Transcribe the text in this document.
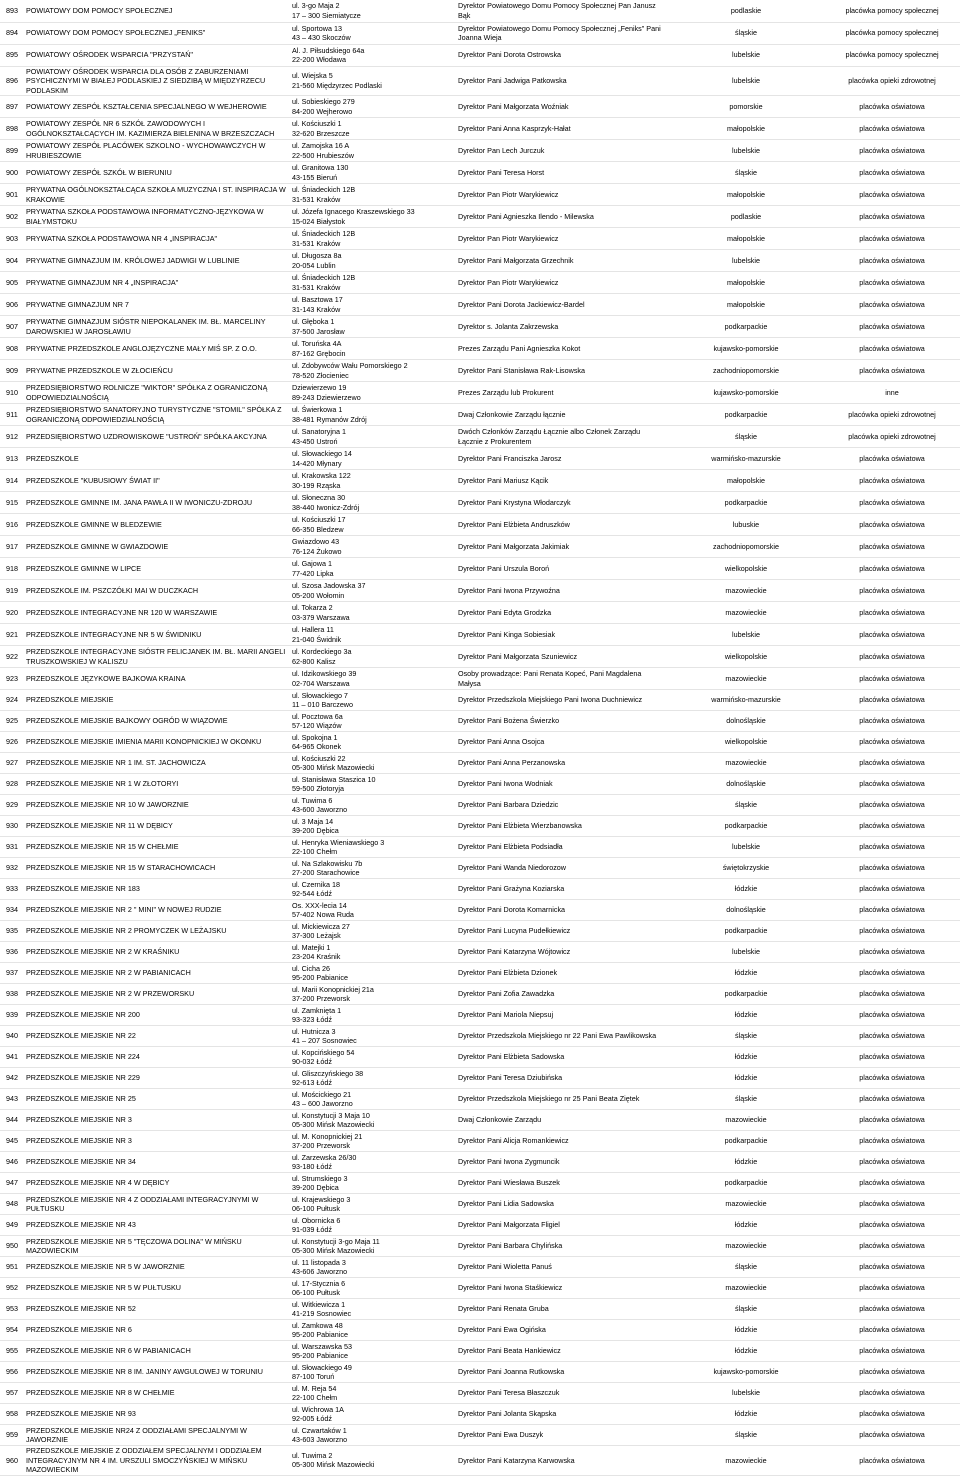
893	POWIATOWY DOM POMOCY SPOŁECZNEJ	ul. 3-go Maja 2
17 – 300 Siemiatycze	Dyrektor Powiatowego Domu Pomocy Społecznej Pan Janusz Bąk	podlaskie	placówka pomocy społecznej
894	POWIATOWY DOM POMOCY SPOŁECZNEJ „FENIKS"	ul. Sportowa 13
43 – 430 Skoczów	Dyrektor Powiatowego Domu Pomocy Społecznej „Feniks" Pani Joanna Wieja	śląskie	placówka pomocy społecznej
895	POWIATOWY OŚRODEK WSPARCIA "PRZYSTAŃ"	Al. J. Piłsudskiego 64a
22-200 Włodawa	Dyrektor Pani Dorota Ostrowska	lubelskie	placówka pomocy społecznej
896	POWIATOWY OŚRODEK WSPARCIA DLA OSÓB Z ZABURZENIAMI PSYCHICZNYMI W BIAŁEJ PODLASKIEJ Z SIEDZIBĄ W MIĘDZYRZECU PODLASKIM	ul. Wiejska 5
21-560 Międzyrzec Podlaski	Dyrektor Pani Jadwiga Patkowska	lubelskie	placówka opieki zdrowotnej
897	POWIATOWY ZESPÓŁ KSZTAŁCENIA SPECJALNEGO W WEJHEROWIE	ul. Sobieskiego 279
84-200 Wejherowo	Dyrektor Pani Małgorzata Woźniak	pomorskie	placówka oświatowa
898	POWIATOWY ZESPÓŁ NR 6 SZKÓŁ ZAWODOWYCH I OGÓLNOKSZTAŁCĄCYCH IM. KAZIMIERZA BIELENINA W BRZESZCZACH	ul. Kościuszki 1
32-620 Brzeszcze	Dyrektor Pani Anna Kasprzyk-Hałat	małopolskie	placówka oświatowa
899	POWIATOWY ZESPÓŁ PLACÓWEK SZKOLNO - WYCHOWAWCZYCH W HRUBIESZOWIE	ul. Zamojska 16 A
22-500 Hrubieszów	Dyrektor Pan Lech Jurczuk	lubelskie	placówka oświatowa
900	POWIATOWY ZESPÓŁ SZKÓŁ W BIERUNIU	ul. Granitowa 130
43-155 Bieruń	Dyrektor Pani Teresa Horst	śląskie	placówka oświatowa
901	PRYWATNA OGÓLNOKSZTAŁCĄCA SZKOŁA MUZYCZNA I ST. INSPIRACJA W KRAKOWIE	ul. Śniadeckich 12B
31-531 Kraków	Dyrektor Pan Piotr Warykiewicz	małopolskie	placówka oświatowa
902	PRYWATNA SZKOŁA PODSTAWOWA INFORMATYCZNO-JĘZYKOWA W BIAŁYMSTOKU	ul. Józefa Ignacego Kraszewskiego 33
15-024 Białystok	Dyrektor Pani Agnieszka Ilendo - Milewska	podlaskie	placówka oświatowa
903	PRYWATNA SZKOŁA PODSTAWOWA NR 4 „INSPIRACJA"	ul. Śniadeckich 12B
31-531 Kraków	Dyrektor Pan Piotr Warykiewicz	małopolskie	placówka oświatowa
904	PRYWATNE GIMNAZJUM IM. KRÓLOWEJ JADWIGI W LUBLINIE	ul. Długosza 8a
20-054 Lublin	Dyrektor Pani Małgorzata Grzechnik	lubelskie	placówka oświatowa
905	PRYWATNE GIMNAZJUM NR 4 „INSPIRACJA"	ul. Śniadeckich 12B
31-531 Kraków	Dyrektor Pan Piotr Warykiewicz	małopolskie	placówka oświatowa
906	PRYWATNE GIMNAZJUM NR 7	ul. Basztowa 17
31-143 Kraków	Dyrektor Pani Dorota Jackiewicz-Bardel	małopolskie	placówka oświatowa
907	PRYWATNE GIMNAZJUM SIÓSTR NIEPOKALANEK IM. BŁ. MARCELINY DAROWSKIEJ W JAROSŁAWIU	ul. Głęboka 1
37-500 Jarosław	Dyrektor s. Jolanta Zakrzewska	podkarpackie	placówka oświatowa
908	PRYWATNE PRZEDSZKOLE ANGLOJĘZYCZNE MAŁY MIŚ SP. Z O.O.	ul. Toruńska 4A
87-162 Grębocin	Prezes Zarządu Pani Agnieszka Kokot	kujawsko-pomorskie	placówka oświatowa
909	PRYWATNE PRZEDSZKOLE W ZŁOCIEŃCU	ul. Zdobywców Wału Pomorskiego 2
78-520 Złocieniec	Dyrektor Pani Stanisława Rak-Lisowska	zachodniopomorskie	placówka oświatowa
910	PRZEDSIĘBIORSTWO ROLNICZE "WIKTOR" SPÓŁKA Z OGRANICZONĄ ODPOWIEDZIALNOŚCIĄ	Dziewierzewo 19
89-243 Dziewierzewo	Prezes Zarządu lub Prokurent	kujawsko-pomorskie	inne
911	PRZEDSIĘBIORSTWO SANATORYJNO TURYSTYCZNE "STOMIL" SPÓŁKA Z OGRANICZONĄ ODPOWIEDZIALNOŚCIĄ	ul. Świerkowa 1
38-481 Rymanów Zdrój	Dwaj Członkowie Zarządu łącznie	podkarpackie	placówka opieki zdrowotnej
912	PRZEDSIĘBIORSTWO UZDROWISKOWE "USTROŃ" SPÓŁKA AKCYJNA	ul. Sanatoryjna 1
43-450 Ustroń	Dwóch Członków Zarządu Łącznie albo Członek Zarządu Łącznie z Prokurentem	śląskie	placówka opieki zdrowotnej
913	PRZEDSZKOLE	ul. Słowackiego 14
14-420 Młynary	Dyrektor Pani Franciszka Jarosz	warmińsko-mazurskie	placówka oświatowa
914	PRZEDSZKOLE "KUBUSIOWY ŚWIAT II"	ul. Krakowska 122
30-199 Rząska	Dyrektor Pani Mariusz Kącik	małopolskie	placówka oświatowa
915	PRZEDSZKOLE GMINNE IM. JANA PAWŁA II W IWONICZU-ZDROJU	ul. Słoneczna 30
38-440 Iwonicz-Zdrój	Dyrektor Pani Krystyna Włodarczyk	podkarpackie	placówka oświatowa
916	PRZEDSZKOLE GMINNE W BLEDZEWIE	ul. Kościuszki 17
66-350 Bledzew	Dyrektor Pani Elżbieta Andruszków	lubuskie	placówka oświatowa
917	PRZEDSZKOLE GMINNE W GWIAZDOWIE	Gwiazdowo 43
76-124 Żukowo	Dyrektor Pani Małgorzata Jakimiak	zachodniopomorskie	placówka oświatowa
918	PRZEDSZKOLE GMINNE W LIPCE	ul. Gajowa 1
77-420 Lipka	Dyrektor Pani Urszula Boroń	wielkopolskie	placówka oświatowa
919	PRZEDSZKOLE IM. PSZCZÓŁKI MAI W DUCZKACH	ul. Szosa Jadowska 37
05-200 Wołomin	Dyrektor Pani Iwona Przywoźna	mazowieckie	placówka oświatowa
920	PRZEDSZKOLE INTEGRACYJNE NR 120 W WARSZAWIE	ul. Tokarza 2
03-379 Warszawa	Dyrektor Pani Edyta Grodzka	mazowieckie	placówka oświatowa
921	PRZEDSZKOLE INTEGRACYJNE NR 5 W ŚWIDNIKU	ul. Hallera 11
21-040 Świdnik	Dyrektor Pani Kinga Sobiesiak	lubelskie	placówka oświatowa
922	PRZEDSZKOLE INTEGRACYJNE SIÓSTR FELICJANEK IM. BŁ. MARII ANGELI TRUSZKOWSKIEJ W KALISZU	ul. Kordeckiego 3a
62-800 Kalisz	Dyrektor Pani Małgorzata Szuniewicz	wielkopolskie	placówka oświatowa
923	PRZEDSZKOLE JĘZYKOWE BAJKOWA KRAINA	ul. Idzikowskiego 39
02-704 Warszawa	Osoby prowadzące: Pani Renata Kopeć, Pani Magdalena Małysa	mazowieckie	placówka oświatowa
924	PRZEDSZKOLE MIEJSKIE	ul. Słowackiego 7
11 – 010 Barczewo	Dyrektor Przedszkola Miejskiego Pani Iwona Duchniewicz	warmińsko-mazurskie	placówka oświatowa
925	PRZEDSZKOLE MIEJSKIE BAJKOWY OGRÓD W WIĄZOWIE	ul. Pocztowa 6a
57-120 Wiązów	Dyrektor Pani Bożena Świerzko	dolnośląskie	placówka oświatowa
926	PRZEDSZKOLE MIEJSKIE IMIENIA MARII KONOPNICKIEJ W OKONKU	ul. Spokojna 1
64-965 Okonek	Dyrektor Pani Anna Osojca	wielkopolskie	placówka oświatowa
927	PRZEDSZKOLE MIEJSKIE NR 1 IM. ST. JACHOWICZA	ul. Kościuszki 22
05-300 Mińsk Mazowiecki	Dyrektor Pani Anna Perzanowska	mazowieckie	placówka oświatowa
928	PRZEDSZKOLE MIEJSKIE NR 1 W ZŁOTORYI	ul. Stanisława Staszica 10
59-500 Złotoryja	Dyrektor Pani Iwona Wodniak	dolnośląskie	placówka oświatowa
929	PRZEDSZKOLE MIEJSKIE NR 10 W JAWORZNIE	ul. Tuwima 6
43-600 Jaworzno	Dyrektor Pani Barbara Dziedzic	śląskie	placówka oświatowa
930	PRZEDSZKOLE MIEJSKIE NR 11 W DĘBICY	ul. 3 Maja 14
39-200 Dębica	Dyrektor Pani Elżbieta Wierzbanowska	podkarpackie	placówka oświatowa
931	PRZEDSZKOLE MIEJSKIE NR 15 W CHEŁMIE	ul. Henryka Wieniawskiego 3
22-100 Chełm	Dyrektor Pani Elżbieta Podsiadła	lubelskie	placówka oświatowa
932	PRZEDSZKOLE MIEJSKIE NR 15 W STARACHOWICACH	ul. Na Szlakowisku 7b
27-200 Starachowice	Dyrektor Pani Wanda Niedorozow	świętokrzyskie	placówka oświatowa
933	PRZEDSZKOLE MIEJSKIE NR 183	ul. Czernika 18
92-544 Łódź	Dyrektor Pani Grażyna Koziarska	łódzkie	placówka oświatowa
934	PRZEDSZKOLE MIEJSKIE NR 2 " MINI" W NOWEJ RUDZIE	Os. XXX-lecia 14
57-402 Nowa Ruda	Dyrektor Pani Dorota Komarnicka	dolnośląskie	placówka oświatowa
935	PRZEDSZKOLE MIEJSKIE NR 2 PROMYCZEK W LEŻAJSKU	ul. Mickiewicza 27
37-300 Leżajsk	Dyrektor Pani Lucyna Pudełkiewicz	podkarpackie	placówka oświatowa
936	PRZEDSZKOLE MIEJSKIE NR 2 W KRAŚNIKU	ul. Matejki 1
23-204 Kraśnik	Dyrektor Pani Katarzyna Wójtowicz	lubelskie	placówka oświatowa
937	PRZEDSZKOLE MIEJSKIE NR 2 W PABIANICACH	ul. Cicha 26
95-200 Pabianice	Dyrektor Pani Elżbieta Dzionek	łódzkie	placówka oświatowa
938	PRZEDSZKOLE MIEJSKIE NR 2 W PRZEWORSKU	ul. Marii Konopnickiej 21a
37-200 Przeworsk	Dyrektor Pani Zofia Zawadzka	podkarpackie	placówka oświatowa
939	PRZEDSZKOLE MIEJSKIE NR 200	ul. Zamknięta 1
93-323 Łódź	Dyrektor Pani Mariola Niepsuj	łódzkie	placówka oświatowa
940	PRZEDSZKOLE MIEJSKIE NR 22	ul. Hutnicza 3
41 – 207 Sosnowiec	Dyrektor Przedszkola Miejskiego nr 22 Pani Ewa Pawlikowska	śląskie	placówka oświatowa
941	PRZEDSZKOLE MIEJSKIE NR 224	ul. Kopcińskiego 54
90-032 Łódź	Dyrektor Pani Elżbieta Sadowska	łódzkie	placówka oświatowa
942	PRZEDSZKOLE MIEJSKIE NR 229	ul. Gliszczyńskiego 38
92-613 Łódź	Dyrektor Pani Teresa Dziubińska	łódzkie	placówka oświatowa
943	PRZEDSZKOLE MIEJSKIE NR 25	ul. Mościckiego 21
43 – 600 Jaworzno	Dyrektor Przedszkola Miejskiego nr 25 Pani Beata Ziętek	śląskie	placówka oświatowa
944	PRZEDSZKOLE MIEJSKIE NR 3	ul. Konstytucji 3 Maja 10
05-300 Mińsk Mazowiecki	Dwaj Członkowie Zarządu	mazowieckie	placówka oświatowa
945	PRZEDSZKOLE MIEJSKIE NR 3	ul. M. Konopnickiej 21
37-200 Przeworsk	Dyrektor Pani Alicja Romankiewicz	podkarpackie	placówka oświatowa
946	PRZEDSZKOLE MIEJSKIE NR 34	ul. Zarzewska 26/30
93-180 Łódź	Dyrektor Pani Iwona Zygmuncik	łódzkie	placówka oświatowa
947	PRZEDSZKOLE MIEJSKIE NR 4 W DĘBICY	ul. Strumskiego 3
39-200 Dębica	Dyrektor Pani Wiesława Buszek	podkarpackie	placówka oświatowa
948	PRZEDSZKOLE MIEJSKIE NR 4 Z ODDZIAŁAMI INTEGRACYJNYMI W PUŁTUSKU	ul. Krajewskiego 3
06-100 Pułtusk	Dyrektor Pani Lidia Sadowska	mazowieckie	placówka oświatowa
949	PRZEDSZKOLE MIEJSKIE NR 43	ul. Obornicka 6
91-039 Łódź	Dyrektor Pani Małgorzata Fligiel	łódzkie	placówka oświatowa
950	PRZEDSZKOLE MIEJSKIE NR 5 "TĘCZOWA DOLINA" W MIŃSKU MAZOWIECKIM	ul. Konstytucji 3-go Maja 11
05-300 Mińsk Mazowiecki	Dyrektor Pani Barbara Chylińska	mazowieckie	placówka oświatowa
951	PRZEDSZKOLE MIEJSKIE NR 5 W JAWORZNIE	ul. 11 listopada 3
43-606 Jaworzno	Dyrektor Pani Wioletta Panuś	śląskie	placówka oświatowa
952	PRZEDSZKOLE MIEJSKIE NR 5 W PUŁTUSKU	ul. 17-Stycznia 6
06-100 Pułtusk	Dyrektor Pani Iwona Staśkiewicz	mazowieckie	placówka oświatowa
953	PRZEDSZKOLE MIEJSKIE NR 52	ul. Witkiewicza 1
41-219 Sosnowiec	Dyrektor Pani Renata Gruba	śląskie	placówka oświatowa
954	PRZEDSZKOLE MIEJSKIE NR 6	ul. Zamkowa 48
95-200 Pabianice	Dyrektor Pani Ewa Ogińska	łódzkie	placówka oświatowa
955	PRZEDSZKOLE MIEJSKIE NR 6 W PABIANICACH	ul. Warszawska 53
95-200 Pabianice	Dyrektor Pani Beata Hankiewicz	łódzkie	placówka oświatowa
956	PRZEDSZKOLE MIEJSKIE NR 8 IM. JANINY AWGULOWEJ W TORUNIU	ul. Słowackiego 49
87-100 Toruń	Dyrektor Pani Joanna Rutkowska	kujawsko-pomorskie	placówka oświatowa
957	PRZEDSZKOLE MIEJSKIE NR 8 W CHEŁMIE	ul. M. Reja 54
22-100 Chełm	Dyrektor Pani Teresa Błaszczuk	lubelskie	placówka oświatowa
958	PRZEDSZKOLE MIEJSKIE NR 93	ul. Wichrowa 1A
92-005 Łódź	Dyrektor Pani Jolanta Skąpska	łódzkie	placówka oświatowa
959	PRZEDSZKOLE MIEJSKIE NR24 Z ODDZIAŁAMI SPECJALNYMI W JAWORZNIE	ul. Czwartaków 1
43-603 Jaworzno	Dyrektor Pani Ewa Duszyk	śląskie	placówka oświatowa
960	PRZEDSZKOLE MIEJSKIE Z ODDZIAŁEM SPECJALNYM I ODDZIAŁEM INTEGRACYJNYM NR 4 IM. URSZULI SMOCZYŃSKIEJ W MIŃSKU MAZOWIECKIM	ul. Tuwima 2
05-300 Mińsk Mazowiecki	Dyrektor Pani Katarzyna Karwowska	mazowieckie	placówka oświatowa
